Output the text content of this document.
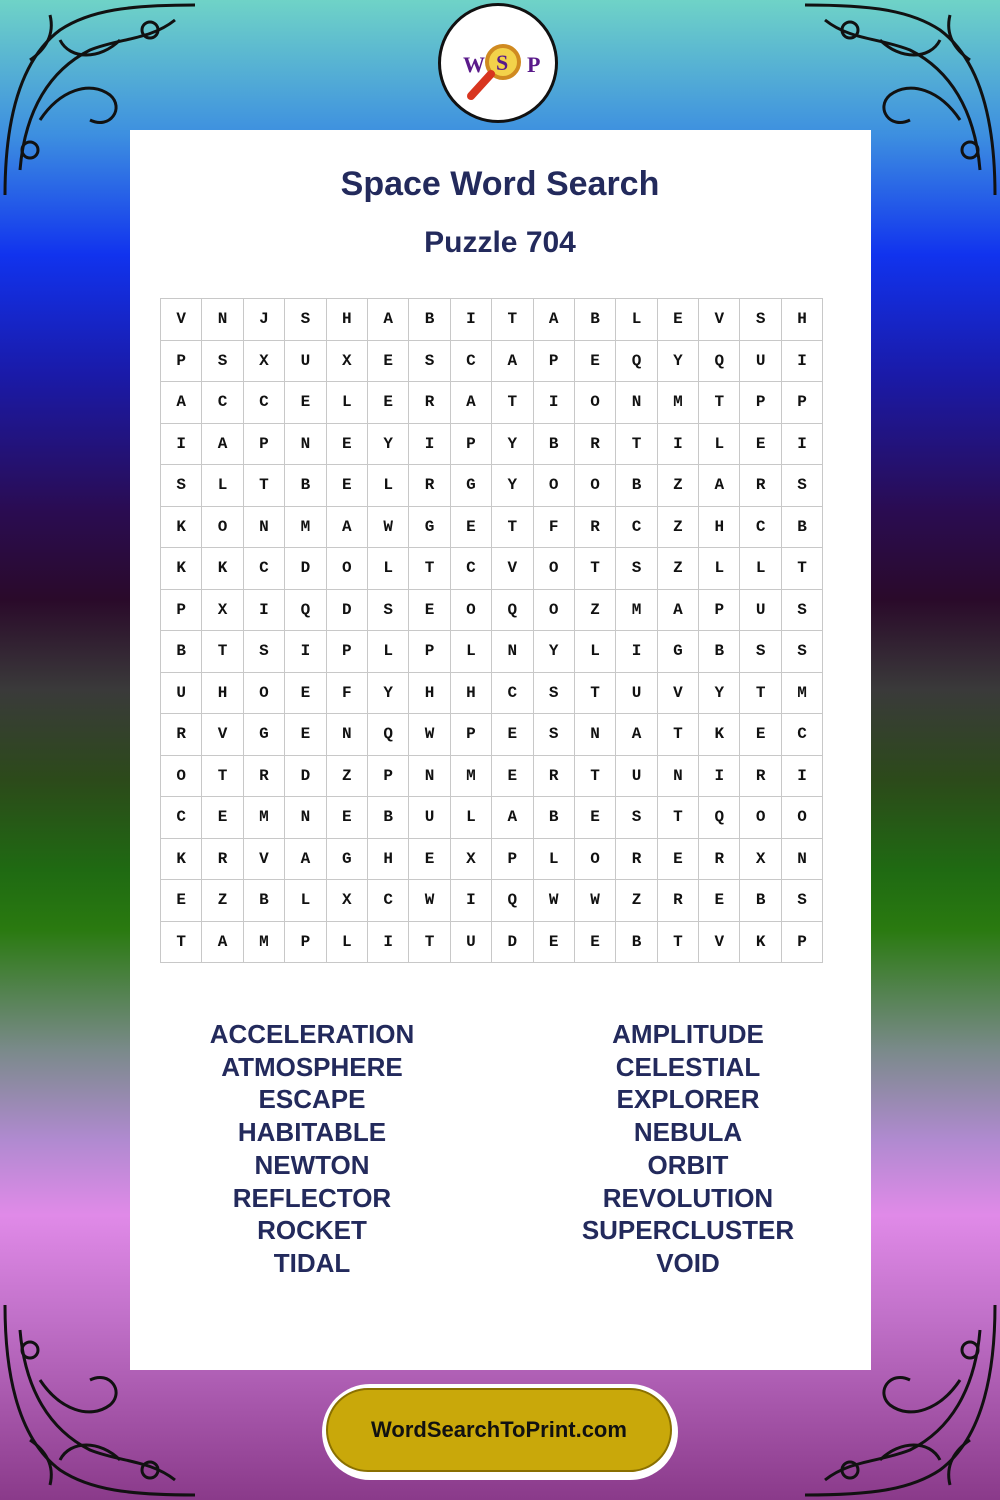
W S P
Space Word Search
Puzzle 704
V	N	J	S	H	A	B	I	T	A	B	L	E	V	S	H
P	S	X	U	X	E	S	C	A	P	E	Q	Y	Q	U	I
A	C	C	E	L	E	R	A	T	I	O	N	M	T	P	P
I	A	P	N	E	Y	I	P	Y	B	R	T	I	L	E	I
S	L	T	B	E	L	R	G	Y	O	O	B	Z	A	R	S
K	O	N	M	A	W	G	E	T	F	R	C	Z	H	C	B
K	K	C	D	O	L	T	C	V	O	T	S	Z	L	L	T
P	X	I	Q	D	S	E	O	Q	O	Z	M	A	P	U	S
B	T	S	I	P	L	P	L	N	Y	L	I	G	B	S	S
U	H	O	E	F	Y	H	H	C	S	T	U	V	Y	T	M
R	V	G	E	N	Q	W	P	E	S	N	A	T	K	E	C
O	T	R	D	Z	P	N	M	E	R	T	U	N	I	R	I
C	E	M	N	E	B	U	L	A	B	E	S	T	Q	O	O
K	R	V	A	G	H	E	X	P	L	O	R	E	R	X	N
E	Z	B	L	X	C	W	I	Q	W	W	Z	R	E	B	S
T	A	M	P	L	I	T	U	D	E	E	B	T	V	K	P
ACCELERATION
ATMOSPHERE
ESCAPE
HABITABLE
NEWTON
REFLECTOR
ROCKET
TIDAL
AMPLITUDE
CELESTIAL
EXPLORER
NEBULA
ORBIT
REVOLUTION
SUPERCLUSTER
VOID
WordSearchToPrint.com
